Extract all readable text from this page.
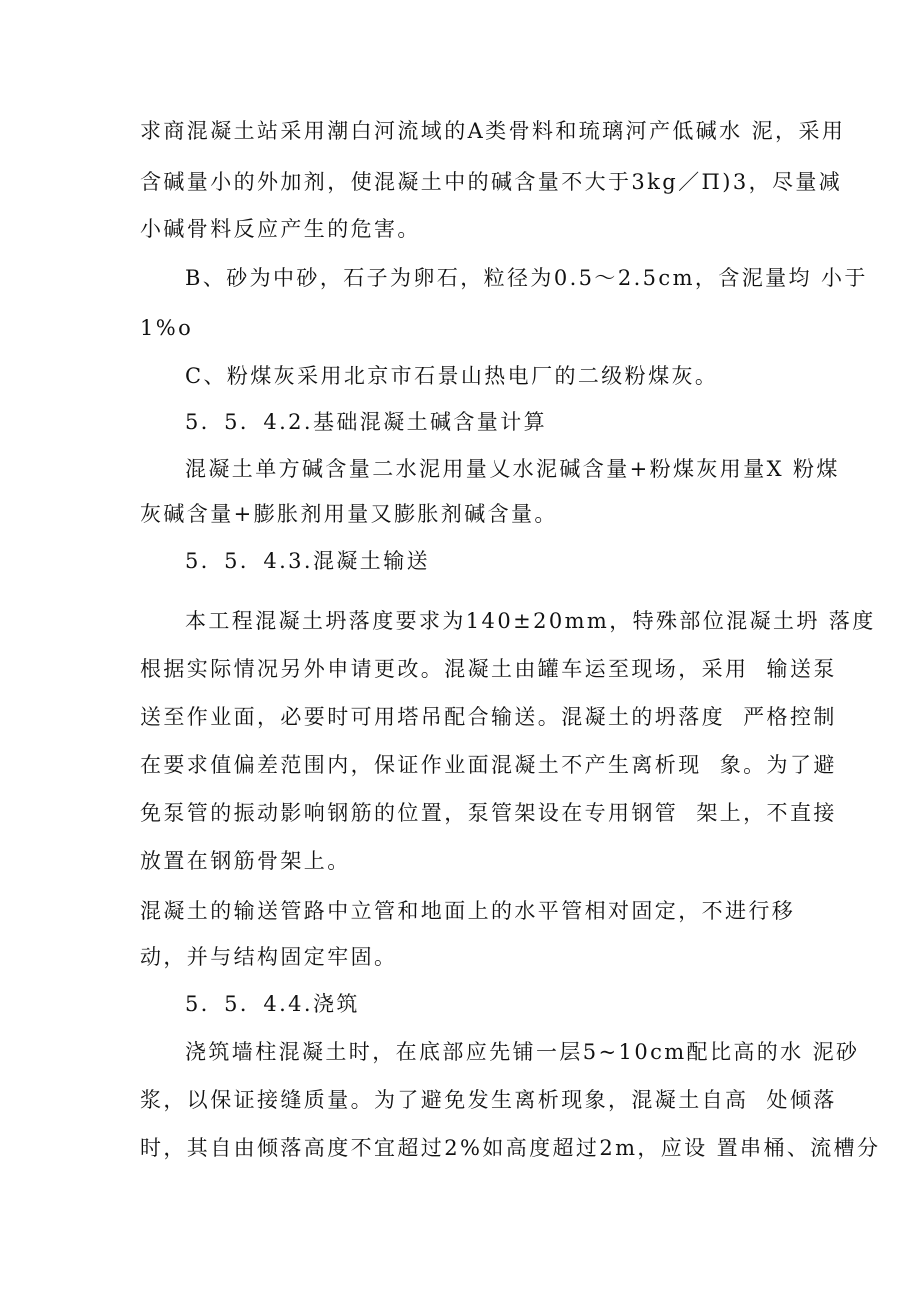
求商混凝土站采用潮白河流域的A类骨料和琉璃河产低碱水 泥，采用
含碱量小的外加剂，使混凝土中的碱含量不大于3kg／Π)3，尽量减
小碱骨料反应产生的危害。
B、砂为中砂，石子为卵石，粒径为0.5～2.5cm，含泥量均 小于
1%o
C、粉煤灰采用北京市石景山热电厂的二级粉煤灰。
5．5．4.2.基础混凝土碱含量计算
混凝土单方碱含量二水泥用量乂水泥碱含量+粉煤灰用量X 粉煤
灰碱含量+膨胀剂用量又膨胀剂碱含量。
5．5．4.3.混凝土输送
本工程混凝土坍落度要求为140±20mm，特殊部位混凝土坍 落度
根据实际情况另外申请更改。混凝土由罐车运至现场，采用  输送泵
送至作业面，必要时可用塔吊配合输送。混凝土的坍落度  严格控制
在要求值偏差范围内，保证作业面混凝土不产生离析现  象。为了避
免泵管的振动影响钢筋的位置，泵管架设在专用钢管  架上，不直接
放置在钢筋骨架上。
混凝土的输送管路中立管和地面上的水平管相对固定，不进行移
动，并与结构固定牢固。
5．5．4.4.浇筑
浇筑墙柱混凝土时，在底部应先铺一层5~10cm配比高的水 泥砂
浆，以保证接缝质量。为了避免发生离析现象，混凝土自高  处倾落
时，其自由倾落高度不宜超过2%如高度超过2m，应设 置串桶、流槽分
